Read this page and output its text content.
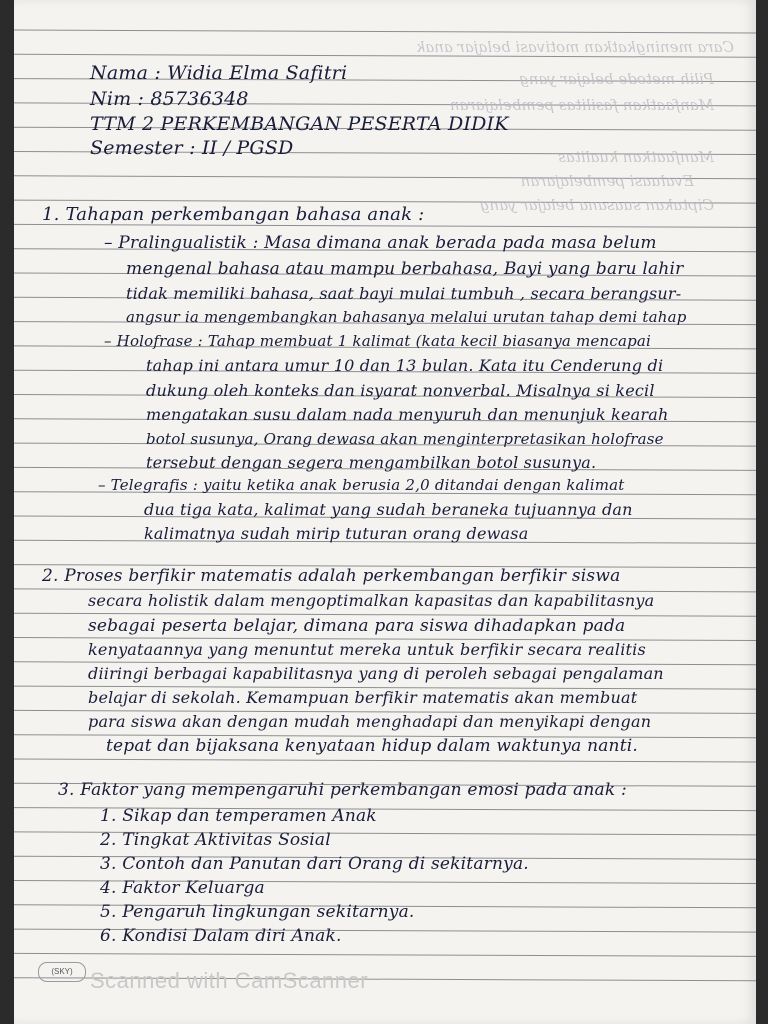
Cara meningkatkan motivasi belajar anak
Pilih metode belajar yang
Manfaatkan fasilitas pembelajaran
Manfaatkan kualitas
Evaluasi pembelajaran
Ciptakan suasana belajar yang
Nama : Widia Elma Safitri
Nim : 85736348
TTM 2 PERKEMBANGAN PESERTA DIDIK
Semester : II / PGSD
1. Tahapan perkembangan bahasa anak :
– Pralingualistik : Masa dimana anak berada pada masa belum
mengenal bahasa atau mampu berbahasa, Bayi yang baru lahir
tidak memiliki bahasa, saat bayi mulai tumbuh , secara berangsur-
angsur ia mengembangkan bahasanya melalui urutan tahap demi tahap
– Holofrase : Tahap membuat 1 kalimat (kata kecil biasanya mencapai
tahap ini antara umur 10 dan 13 bulan. Kata itu Cenderung di
dukung oleh konteks dan isyarat nonverbal. Misalnya si kecil
mengatakan susu dalam nada menyuruh dan menunjuk kearah
botol susunya, Orang dewasa akan menginterpretasikan holofrase
tersebut dengan segera mengambilkan botol susunya.
– Telegrafis : yaitu ketika anak berusia 2,0 ditandai dengan kalimat
dua tiga kata, kalimat yang sudah beraneka tujuannya dan
kalimatnya sudah mirip tuturan orang dewasa
2. Proses berfikir matematis adalah perkembangan berfikir siswa
secara holistik dalam mengoptimalkan kapasitas dan kapabilitasnya
sebagai peserta belajar, dimana para siswa dihadapkan pada
kenyataannya yang menuntut mereka untuk berfikir secara realitis
diiringi berbagai kapabilitasnya yang di peroleh sebagai pengalaman
belajar di sekolah. Kemampuan berfikir matematis akan membuat
para siswa akan dengan mudah menghadapi dan menyikapi dengan
tepat dan bijaksana kenyataan hidup dalam waktunya nanti.
3. Faktor yang mempengaruhi perkembangan emosi pada anak :
1. Sikap dan temperamen Anak
2. Tingkat Aktivitas Sosial
3. Contoh dan Panutan dari Orang di sekitarnya.
4. Faktor Keluarga
5. Pengaruh lingkungan sekitarnya.
6. Kondisi Dalam diri Anak.
(SKY) Scanned with CamScanner
